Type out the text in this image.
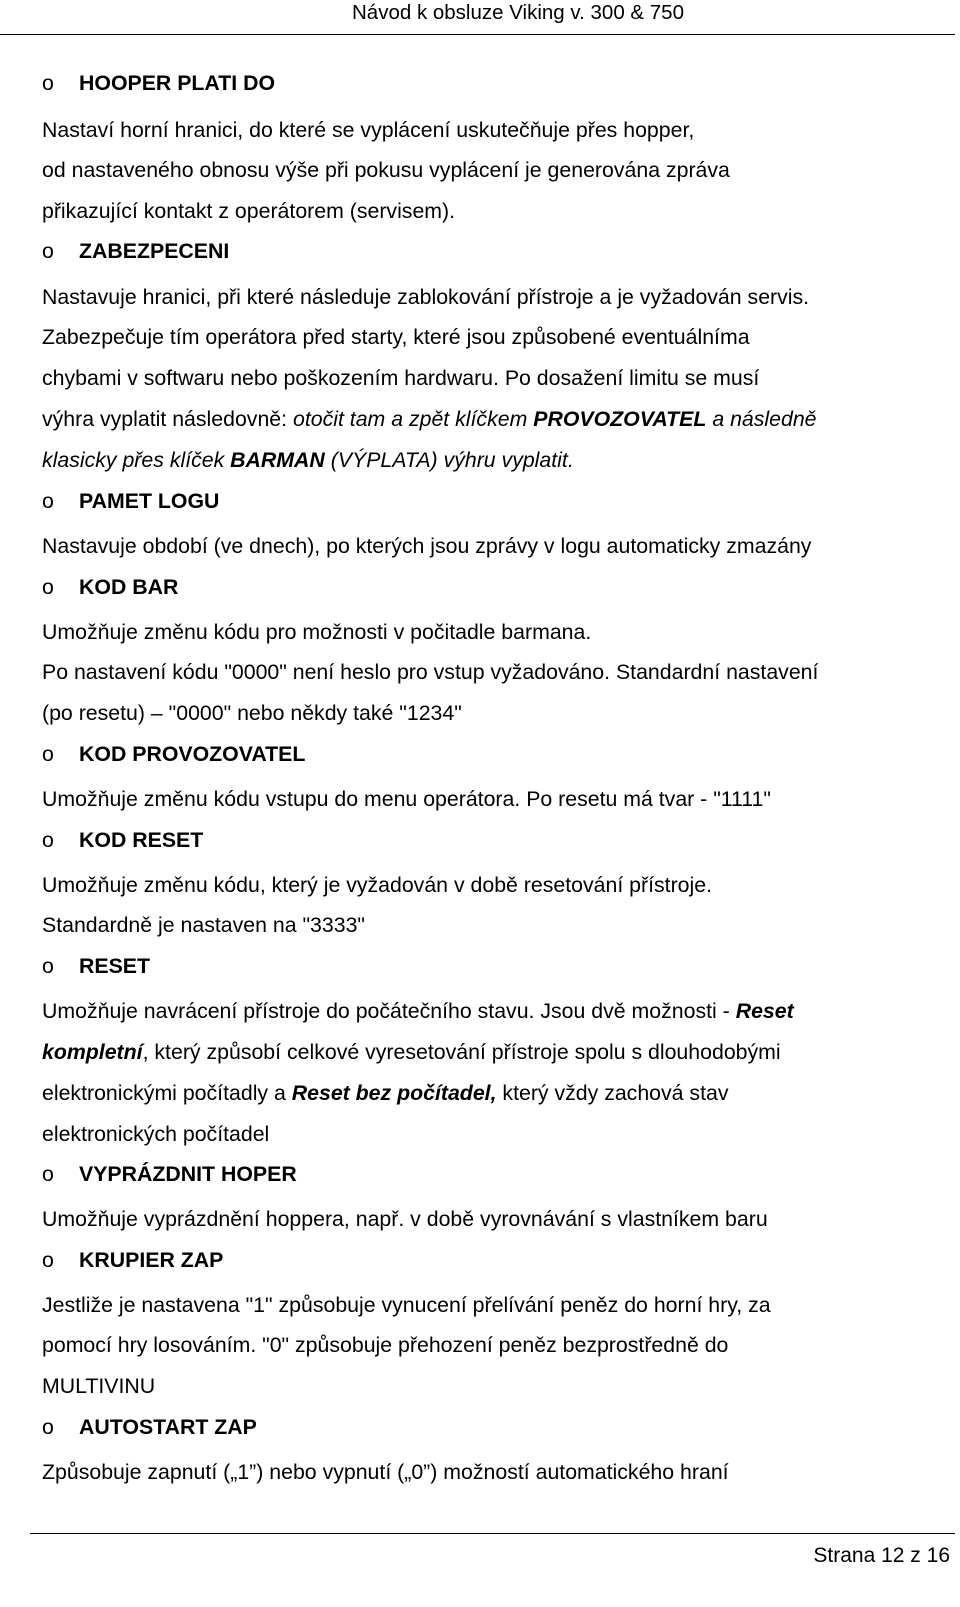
Návod k obsluze Viking v. 300 & 750
o HOOPER PLATI DO
Nastaví horní hranici, do které se vyplácení uskutečňuje přes hopper,
od nastaveného obnosu výše při pokusu vyplácení je generována zpráva
přikazující kontakt z operátorem (servisem).
o ZABEZPECENI
Nastavuje hranici, při které následuje zablokování přístroje a je vyžadován servis.
Zabezpečuje tím operátora před starty, které jsou způsobené eventuálníma
chybami v softwaru nebo poškozením hardwaru. Po dosažení limitu se musí
výhra vyplatit následovně: otočit tam a zpět klíčkem PROVOZOVATEL a následně
klasicky přes klíček BARMAN (VÝPLATA) výhru vyplatit.
o PAMET LOGU
Nastavuje období (ve dnech), po kterých jsou zprávy v logu automaticky zmazány
o KOD BAR
Umožňuje změnu kódu pro možnosti v počitadle barmana.
Po nastavení kódu "0000" není heslo pro vstup vyžadováno. Standardní nastavení
(po resetu) – "0000" nebo někdy také "1234"
o KOD PROVOZOVATEL
Umožňuje změnu kódu vstupu do menu operátora. Po resetu má tvar - "1111"
o KOD RESET
Umožňuje změnu kódu, který je vyžadován v době resetování přístroje.
Standardně je nastaven na "3333"
o RESET
Umožňuje navrácení přístroje do počátečního stavu. Jsou dvě možnosti - Reset
kompletní, který způsobí celkové vyresetování přístroje spolu s dlouhodobými
elektronickými počítadly a Reset bez počítadel, který vždy zachová stav
elektronických počítadel
o VYPRÁZDNIT HOPER
Umožňuje vyprázdnění hoppera, např. v době vyrovnávání s vlastníkem baru
o KRUPIER ZAP
Jestliže je nastavena "1" způsobuje vynucení přelívání peněz do horní hry, za
pomocí hry losováním. "0" způsobuje přehození peněz bezprostředně do
MULTIVINU
o AUTOSTART ZAP
Způsobuje zapnutí („1”) nebo vypnutí („0”) možností automatického hraní
Strana 12 z 16
